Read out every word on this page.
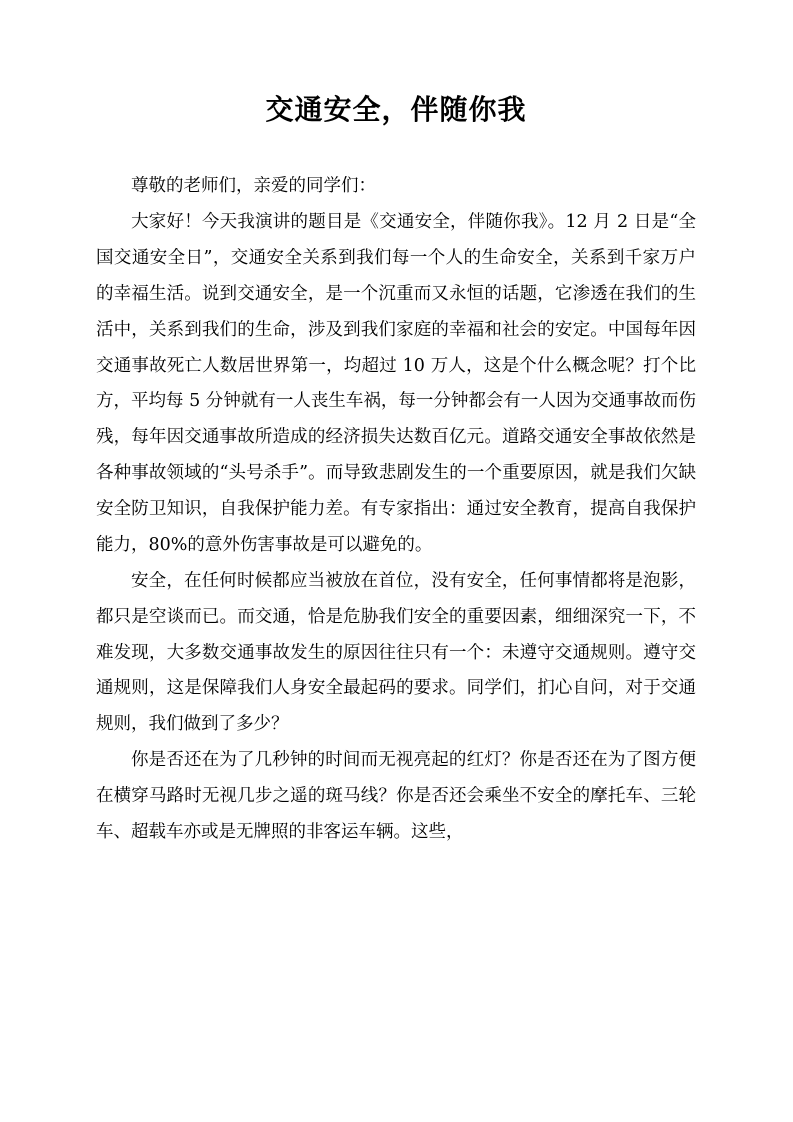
交通安全，伴随你我

尊敬的老师们，亲爱的同学们：

大家好！今天我演讲的题目是《交通安全，伴随你我》。12 月 2 日是“全国交通安全日”，交通安全关系到我们每一个人的生命安全，关系到千家万户的幸福生活。说到交通安全，是一个沉重而又永恒的话题，它渗透在我们的生活中，关系到我们的生命，涉及到我们家庭的幸福和社会的安定。中国每年因交通事故死亡人数居世界第一，均超过 10 万人，这是个什么概念呢？打个比方，平均每 5 分钟就有一人丧生车祸，每一分钟都会有一人因为交通事故而伤残，每年因交通事故所造成的经济损失达数百亿元。道路交通安全事故依然是各种事故领域的“头号杀手”。而导致悲剧发生的一个重要原因，就是我们欠缺安全防卫知识，自我保护能力差。有专家指出：通过安全教育，提高自我保护能力，80%的意外伤害事故是可以避免的。

安全，在任何时候都应当被放在首位，没有安全，任何事情都将是泡影，都只是空谈而已。而交通，恰是危胁我们安全的重要因素，细细深究一下，不难发现，大多数交通事故发生的原因往往只有一个：未遵守交通规则。遵守交通规则，这是保障我们人身安全最起码的要求。同学们，扪心自问，对于交通规则，我们做到了多少？

你是否还在为了几秒钟的时间而无视亮起的红灯？你是否还在为了图方便在横穿马路时无视几步之遥的斑马线？你是否还会乘坐不安全的摩托车、三轮车、超载车亦或是无牌照的非客运车辆。这些，
